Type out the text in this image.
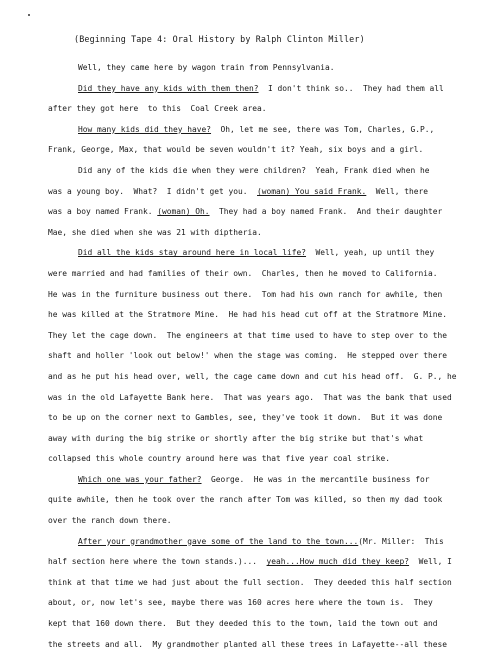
(Beginning Tape 4: Oral History by Ralph Clinton Miller)
Well, they came here by wagon train from Pennsylvania.
Did they have any kids with them then?  I don't think so..  They had them all
after they got here  to this  Coal Creek area.
How many kids did they have?  Oh, let me see, there was Tom, Charles, G.P.,
Frank, George, Max, that would be seven wouldn't it? Yeah, six boys and a girl.
Did any of the kids die when they were children?  Yeah, Frank died when he
was a young boy.  What?  I didn't get you.  (woman) You said Frank.  Well, there
was a boy named Frank. (woman) Oh.  They had a boy named Frank.  And their daughter
Mae, she died when she was 21 with diptheria.
Did all the kids stay around here in local life?  Well, yeah, up until they
were married and had families of their own.  Charles, then he moved to California.
He was in the furniture business out there.  Tom had his own ranch for awhile, then
he was killed at the Stratmore Mine.  He had his head cut off at the Stratmore Mine.
They let the cage down.  The engineers at that time used to have to step over to the
shaft and holler 'look out below!' when the stage was coming.  He stepped over there
and as he put his head over, well, the cage came down and cut his head off.  G. P., he
was in the old Lafayette Bank here.  That was years ago.  That was the bank that used
to be up on the corner next to Gambles, see, they've took it down.  But it was done
away with during the big strike or shortly after the big strike but that's what
collapsed this whole country around here was that five year coal strike.
Which one was your father?  George.  He was in the mercantile business for
quite awhile, then he took over the ranch after Tom was killed, so then my dad took
over the ranch down there.
After your grandmother gave some of the land to the town...(Mr. Miller:  This
half section here where the town stands.)...  yeah...How much did they keep?  Well, I
think at that time we had just about the full section.  They deeded this half section
about, or, now let's see, maybe there was 160 acres here where the town is.  They
kept that 160 down there.  But they deeded this to the town, laid the town out and
the streets and all.  My grandmother planted all these trees in Lafayette--all these
